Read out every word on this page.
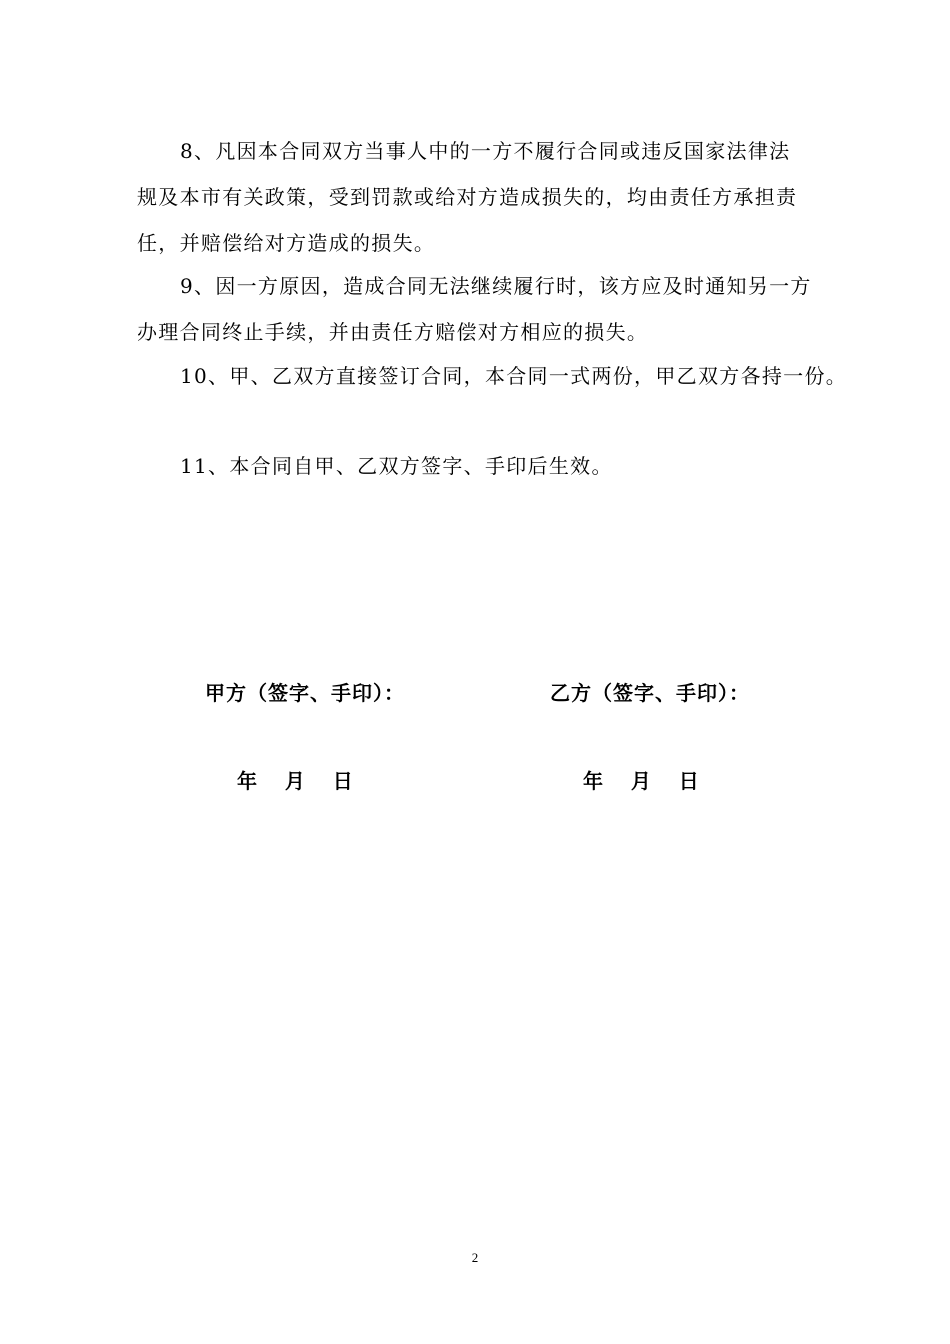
8、凡因本合同双方当事人中的一方不履行合同或违反国家法律法
规及本市有关政策，受到罚款或给对方造成损失的，均由责任方承担责
任，并赔偿给对方造成的损失。
9、因一方原因，造成合同无法继续履行时，该方应及时通知另一方
办理合同终止手续，并由责任方赔偿对方相应的损失。
10、甲、乙双方直接签订合同，本合同一式两份，甲乙双方各持一份。
11、本合同自甲、乙双方签字、手印后生效。
甲方（签字、手印）：	乙方（签字、手印）：
年    月    日	年    月    日
2
